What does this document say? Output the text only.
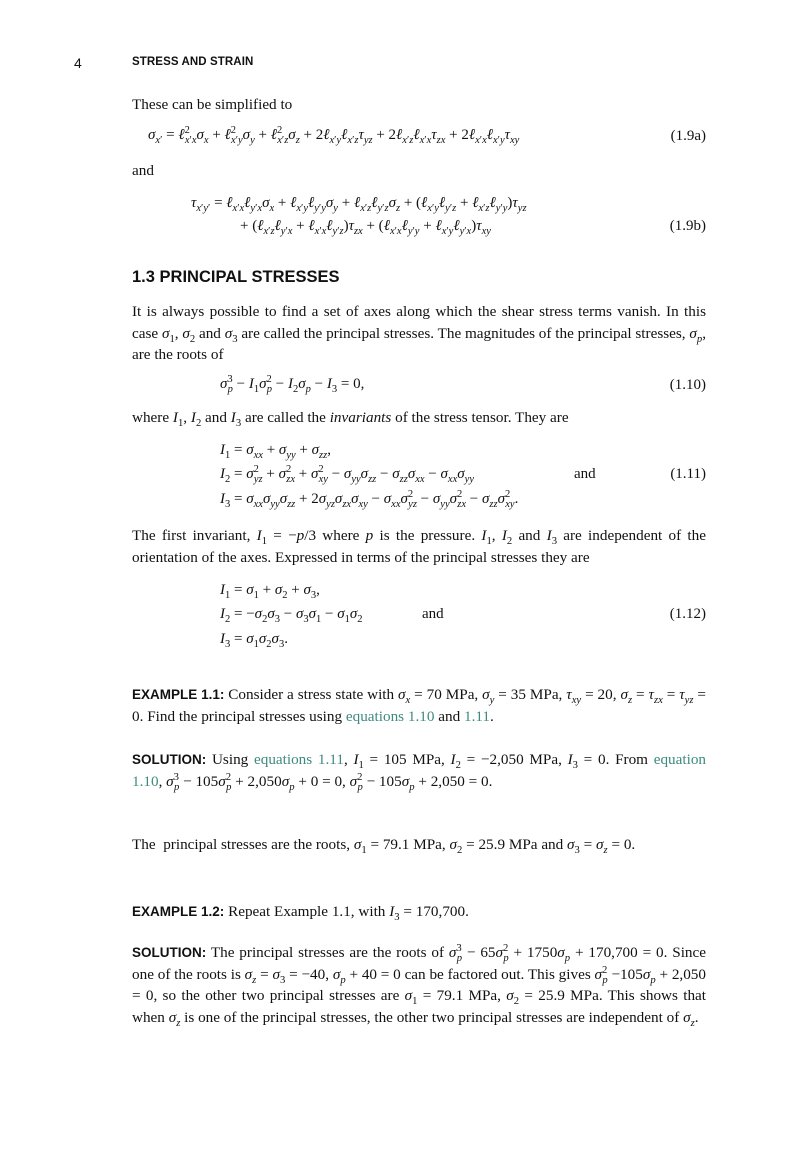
4	STRESS AND STRAIN
These can be simplified to
$\sigma_{x'}$ = $\ell^2_{x'x}\sigma_x$ + $\ell^2_{x'y}\sigma_y$ + $\ell^2_{x'z}\sigma_z$ + $2\ell_{x'y}\ell_{x'z}\tau_{yz}$ + $2\ell_{x'z}\ell_{x'x}\tau_{zx}$ + $2\ell_{x'x}\ell_{x'y}\tau_{xy}$	(1.9a)
and
$\tau_{x'y'}$ = $\ell_{x'x}\ell_{y'x}\sigma_x$ + $\ell_{x'y}\ell_{y'y}\sigma_y$ + $\ell_{x'z}\ell_{y'z}\sigma_z$ + (ℓ$_{x'y}$ℓ$_{y'z}$ + $\ell_{x'z}\ell_{y'y})\tau_{yz}$
+ (ℓ$_{x'z}$ℓ$_{y'x}$ + $\ell_{x'x}\ell_{y'z})\tau_{zx}$ + (ℓ$_{x'x}$ℓ$_{y'y}$ + $\ell_{x'y}\ell_{y'x})\tau_{xy}$	(1.9b)
1.3 PRINCIPAL STRESSES
It is always possible to find a set of axes along which the shear stress terms vanish. In this case $\sigma_1$, $\sigma_2$ and $\sigma_3$ are called the principal stresses. The magnitudes of the principal stresses, $\sigma_p$, are the roots of
$\sigma^3_p - I_1\sigma^2_p - I_2\sigma_p - I_3 = 0$,	(1.10)
where $I_1$, $I_2$ and $I_3$ are called the invariants of the stress tensor. They are
$I_1 = \sigma_{xx} + \sigma_{yy} + \sigma_{zz}$,
$I_2 = \sigma^2_{yz} + \sigma^2_{zx} + \sigma^2_{xy} - \sigma_{yy}\sigma_{zz} - \sigma_{zz}\sigma_{xx} - \sigma_{xx}\sigma_{yy}$	and	(1.11)
$I_3 = \sigma_{xx}\sigma_{yy}\sigma_{zz} + 2\sigma_{yz}\sigma_{zx}\sigma_{xy} - \sigma_{xx}\sigma^2_{yz} - \sigma_{yy}\sigma^2_{zx} - \sigma_{zz}\sigma^2_{xy}$.
The first invariant, $I_1 = -p/3$ where p is the pressure. $I_1$, $I_2$ and $I_3$ are independent of the orientation of the axes. Expressed in terms of the principal stresses they are
$I_1 = \sigma_1 + \sigma_2 + \sigma_3$,
$I_2 = -\sigma_2\sigma_3 - \sigma_3\sigma_1 - \sigma_1\sigma_2$	and	(1.12)
$I_3 = \sigma_1\sigma_2\sigma_3$.
EXAMPLE 1.1: Consider a stress state with $\sigma_x = 70$ MPa, $\sigma_y = 35$ MPa, $\tau_{xy} = 20$, $\sigma_z = \tau_{zx} = \tau_{yz} = 0$. Find the principal stresses using equations 1.10 and 1.11.
SOLUTION: Using equations 1.11, $I_1 = 105$ MPa, $I_2 = -2,050$ MPa, $I_3 = 0$. From equation 1.10, $\sigma^3_p - 105\sigma^2_p + 2,050\sigma_p + 0 = 0$, $\sigma^2_p - 105\sigma_p + 2,050 = 0$.
The  principal stresses are the roots, $\sigma_1 = 79.1$ MPa, $\sigma_2 = 25.9$ MPa and $\sigma_3 = \sigma_z = 0$.
EXAMPLE 1.2: Repeat Example 1.1, with $I_3 = 170,700$.
SOLUTION: The principal stresses are the roots of $\sigma^3_p - 65\sigma^2_p + 1750\sigma_p + 170,700 = 0$. Since one of the roots is $\sigma_z = \sigma_3 = -40$, $\sigma_p + 40 = 0$ can be factored out. This gives $\sigma^2_p -105\sigma_p + 2,050 = 0$, so the other two principal stresses are $\sigma_1 = 79.1$ MPa, $\sigma_2 = 25.9$ MPa. This shows that when $\sigma_z$ is one of the principal stresses, the other two principal stresses are independent of $\sigma_z$.
